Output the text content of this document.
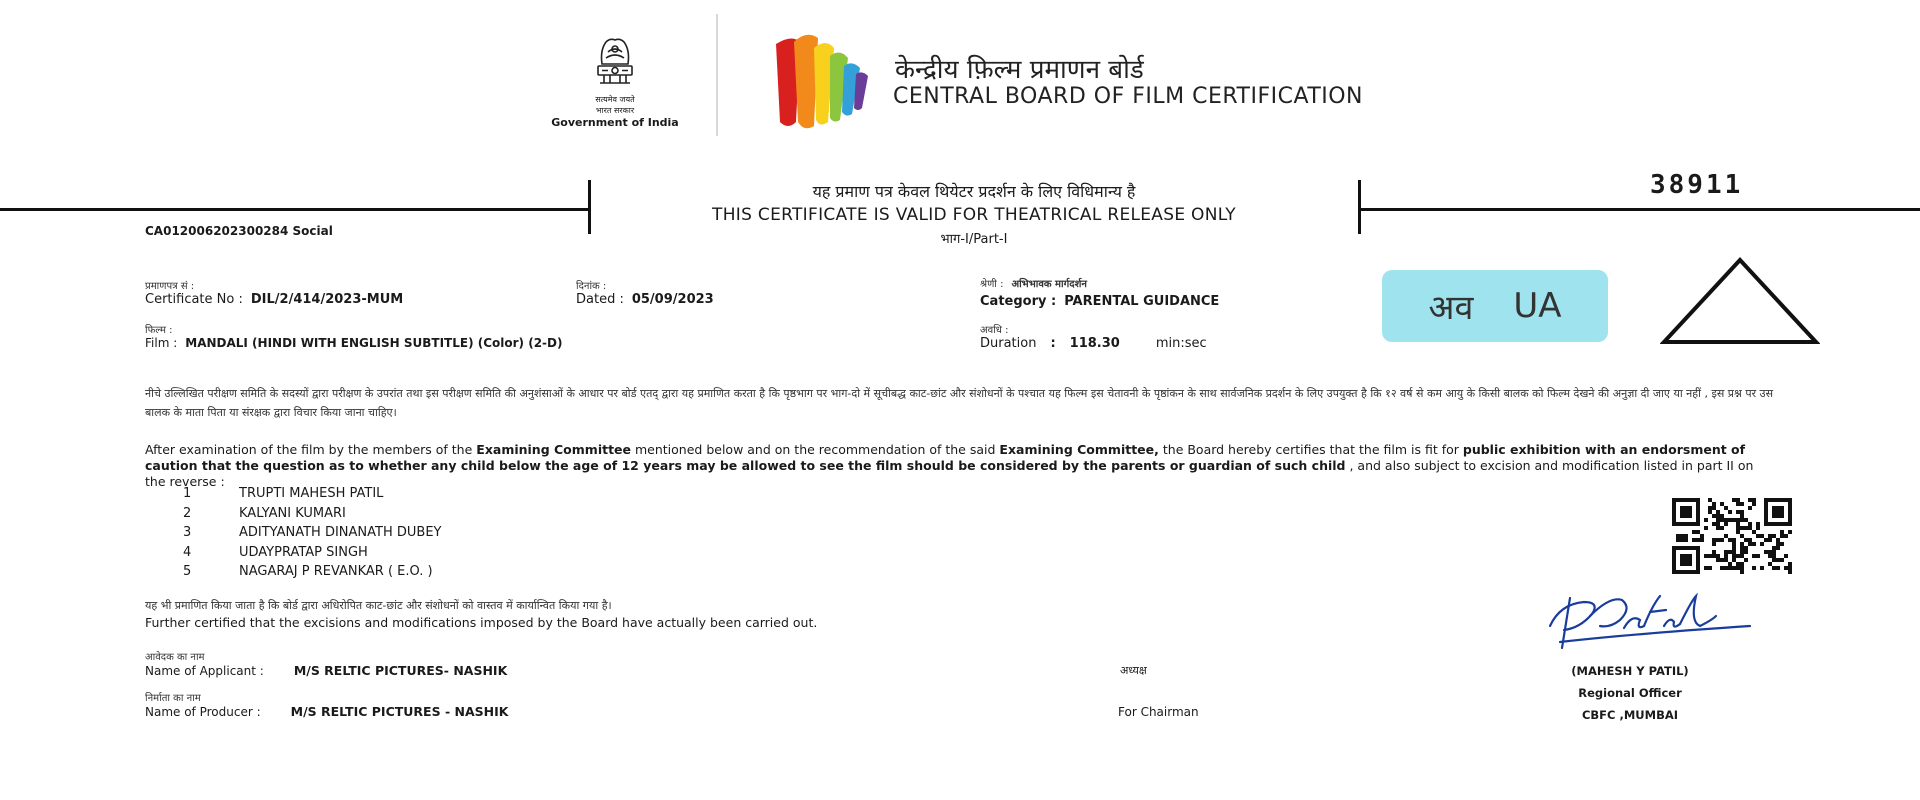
सत्यमेव जयते
भारत सरकार
Government of India
केन्द्रीय फ़िल्म प्रमाणन बोर्ड
CENTRAL BOARD OF FILM CERTIFICATION
यह प्रमाण पत्र केवल थियेटर प्रदर्शन के लिए विधिमान्य है
THIS CERTIFICATE IS VALID FOR THEATRICAL RELEASE ONLY
भाग-I/Part-I
38911
CA012006202300284 Social
प्रमाणपत्र सं :
Certificate No : DIL/2/414/2023-MUM
दिनांक :
Dated : 05/09/2023
फिल्म :
Film : MANDALI (HINDI WITH ENGLISH SUBTITLE) (Color) (2-D)
श्रेणी : अभिभावक मार्गदर्शन
Category : PARENTAL GUIDANCE
अवधि :
Duration : 118.30	min:sec
अव UA
नीचे उल्लिखित परीक्षण समिति के सदस्यों द्वारा परीक्षण के उपरांत तथा इस परीक्षण समिति की अनुशंसाओं के आधार पर बोर्ड एतद् द्वारा यह प्रमाणित करता है कि पृष्ठभाग पर भाग-दो में सूचीबद्ध काट-छांट और संशोधनों के पश्चात यह फिल्म इस चेतावनी के पृष्ठांकन के साथ सार्वजनिक प्रदर्शन के लिए उपयुक्त है कि १२ वर्ष से कम आयु के किसी बालक को फिल्म देखने की अनुज्ञा दी जाए या नहीं , इस प्रश्न पर उस बालक के माता पिता या संरक्षक द्वारा विचार किया जाना चाहिए।
After examination of the film by the members of the Examining Committee mentioned below and on the recommendation of the said Examining Committee, the Board hereby certifies that the film is fit for public exhibition with an endorsment of caution that the question as to whether any child below the age of 12 years may be allowed to see the film should be considered by the parents or guardian of such child , and also subject to excision and modification listed in part II on the reverse :
1	TRUPTI MAHESH PATIL
2	KALYANI KUMARI
3	ADITYANATH DINANATH DUBEY
4	UDAYPRATAP SINGH
5	NAGARAJ P REVANKAR ( E.O. )
यह भी प्रमाणित किया जाता है कि बोर्ड द्वारा अधिरोपित काट-छांट और संशोधनों को वास्तव में कार्यान्वित किया गया है।
Further certified that the excisions and modifications imposed by the Board have actually been carried out.
आवेदक का नाम
Name of Applicant : M/S RELTIC PICTURES- NASHIK
निर्माता का नाम
Name of Producer : M/S RELTIC PICTURES - NASHIK
अध्यक्ष
For Chairman
(MAHESH Y PATIL)
Regional Officer
CBFC ,MUMBAI
